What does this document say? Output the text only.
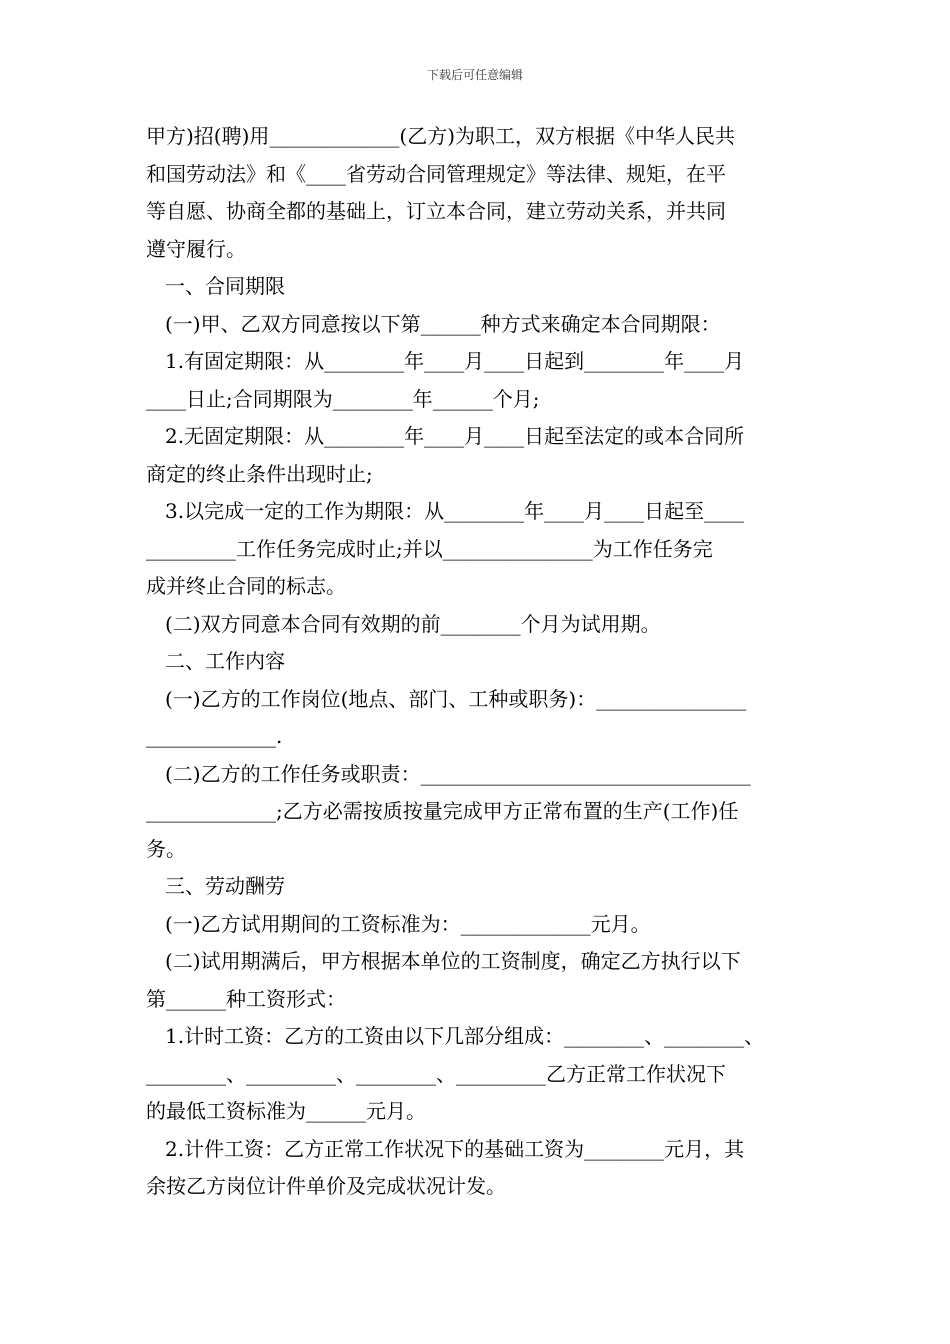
下载后可任意编辑
甲方)招(聘)用_____________(乙方)为职工，双方根据《中华人民共
和国劳动法》和《____省劳动合同管理规定》等法律、规矩，在平
等自愿、协商全都的基础上，订立本合同，建立劳动关系，并共同
遵守履行。
一、合同期限
(一)甲、乙双方同意按以下第______种方式来确定本合同期限：
1.有固定期限：从________年____月____日起到________年____月
____日止;合同期限为________年______个月;
2.无固定期限：从________年____月____日起至法定的或本合同所
商定的终止条件出现时止;
3.以完成一定的工作为期限：从________年____月____日起至____
_________工作任务完成时止;并以_______________为工作任务完
成并终止合同的标志。
(二)双方同意本合同有效期的前________个月为试用期。
二、工作内容
(一)乙方的工作岗位(地点、部门、工种或职务)：_______________
_____________.
(二)乙方的工作任务或职责：_________________________________
_____________;乙方必需按质按量完成甲方正常布置的生产(工作)任
务。
三、劳动酬劳
(一)乙方试用期间的工资标准为：_____________元月。
(二)试用期满后，甲方根据本单位的工资制度，确定乙方执行以下
第______种工资形式：
1.计时工资：乙方的工资由以下几部分组成：________、________、
________、_________、________、_________乙方正常工作状况下
的最低工资标准为______元月。
2.计件工资：乙方正常工作状况下的基础工资为________元月，其
余按乙方岗位计件单价及完成状况计发。
